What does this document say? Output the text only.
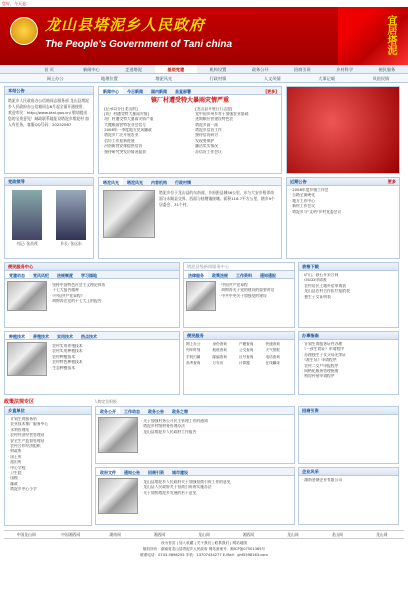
您好，今天是：
龙山县塔泥乡人民政府
The People's Government of Tani china	宜居塔泥
首 页	新闻中心	走进塔泥	基层党建	机构设置	政务公开	招商引资	乡村科学	便民服务
网上办公	地理位置	塔泥风光	行政村情	人文风情	大事记载	风俗民情
本站公告
塔泥乡人民政府办公信箱同志服务部 龙山县塔泥乡人民政府办公信箱同志6月起全面开通使用，欢迎市民：http://www.tani.gov.cn/ 敬请提出您的宝贵意见！邮政联系地址设塔泥乡塔泥村 加入有任务，客服QQ号码：20252067
新闻中心	今日新闻	国内新闻	县直部署	[更多]
镇厂村遭受特大暴雨灾情严重
· [记录以分日龙山的]
· [坦厂村遭受特大暴雨灾情]
· 坦厂村遭受特大暴雨灾情严重
· 大搬顺国营特农业会信号
· 2008年一季度地方党风廉政
· 塔泥乡广泛开展农业
· 信访工作迎新进展
· 河南新营安排提供信访
· 接待研究突发访情况报表
· [龙山县开展日行志愿]
· 党中国乡州乡对于加强农业基础
· 述期顺应营建设特色农
· 塔泥乡高一高
· 塔泥乡信访工作
· 接待信访研讨
· 发现要保护
· 廉洁奖实情况
· 办信访工作会议
党政领导
书记: 张昌茂	乡长: 张远东
塔泥风光	塔泥风光	内容机构	行政村情
塔泥乡位于龙山县的东南部，乡府距县城56公里，东与大安乡相邻南面与永顺县交界，西面与桂塘镇接壤。面积116.7平方公里，辖乡9个居委会、31个村。
近期公告	更多
· 2008年度乡镇工作会
· 公路全面硬化
· 地方工作中心
· 新村工作会议
· 塔泥乡与"文明"乡村党委会议
便民服务中心
党建动态	党风风纪	法规制度	学习园地
· 坚持中国特色社会主义理论体系
· 十七大报告精神
· 《中国共产党章程》
· 胡锦涛在党的十七大上的报告
塔泥县级新闻服务中心
法律服务	政策法规	工作资料	通知通报
· 中国共产党章程
· 胡锦涛关于党的建设的重要讲话
· 中共中央关于加强党的建设
表格下载
· 矿山、砂石开采合同
· OSCD申请表
· 农村居民土地补偿申请表
· 龙山县农村合作医疗报销表
· 独生子女证明表
种植技术	养殖技术	实用技术	热点技术
· 农村实用养殖技术
· 农村实用种植技术
· 农村种植技术
· 农村特色种植技术
· 生态种植技术
便民服务
网上办公	身份查询	户籍查询	快递查询
列车时刻	航班查询	公交查询	天气预报
手机归属	邮编查询	区号查询	电话查询
高考查询	万年历	计算器	在线翻译
办事指南
· 计划生育服务证件办理
· 《一孩生育证》申请程序
· 办理独生子女父母光荣证
· 《准生证》申请程序
· 农村二女户申报程序
· 网格化服务管理指南
· 购房补贴申请程序
政策法规专区	人物定位积极
乡直单位
· 计划生育服务站
· 农业技术推广服务中心
· 水利管理站
· 农村经济经营管理站
· 安全生产监督管理站
· 农村合作经济组织
· 财政所
· 国土所
· 派出所
· 中心学校
· 卫生院
· 国税
· 邮政
· 塔泥乡中心小学
政务公开	工作动态	政务公告	政务之窗
· 关于加强村务公开民主管理工作的通知
· 塔泥乡村级财务管理办法
· 龙山县塔泥乡人民政府工作报告
政府文件	通知公告	招商引资	城市建设
· 龙山县塔泥乡人民政府关于加强招商引资工作的意见
· 龙山县人民政府关于招商引资的实施办法
· 关于加快塔泥乡发展的若干意见
招商引资
企业风采
· 湖南金钢企业有限公司
中国龙山网	中国湘西网	湖南网	湘西网	龙山网	湘西网	龙山网	龙山网	龙山网
设为首页 | 加入收藏 | 关于我们 | 联系我们 | 网站地图
版权所有：湖南省龙山县塔泥乡人民政府 网站备案号：湘ICP备07501365号
联系电话：0743-5698255 手机：13707434277 E-Mail：ghf5598163.com
